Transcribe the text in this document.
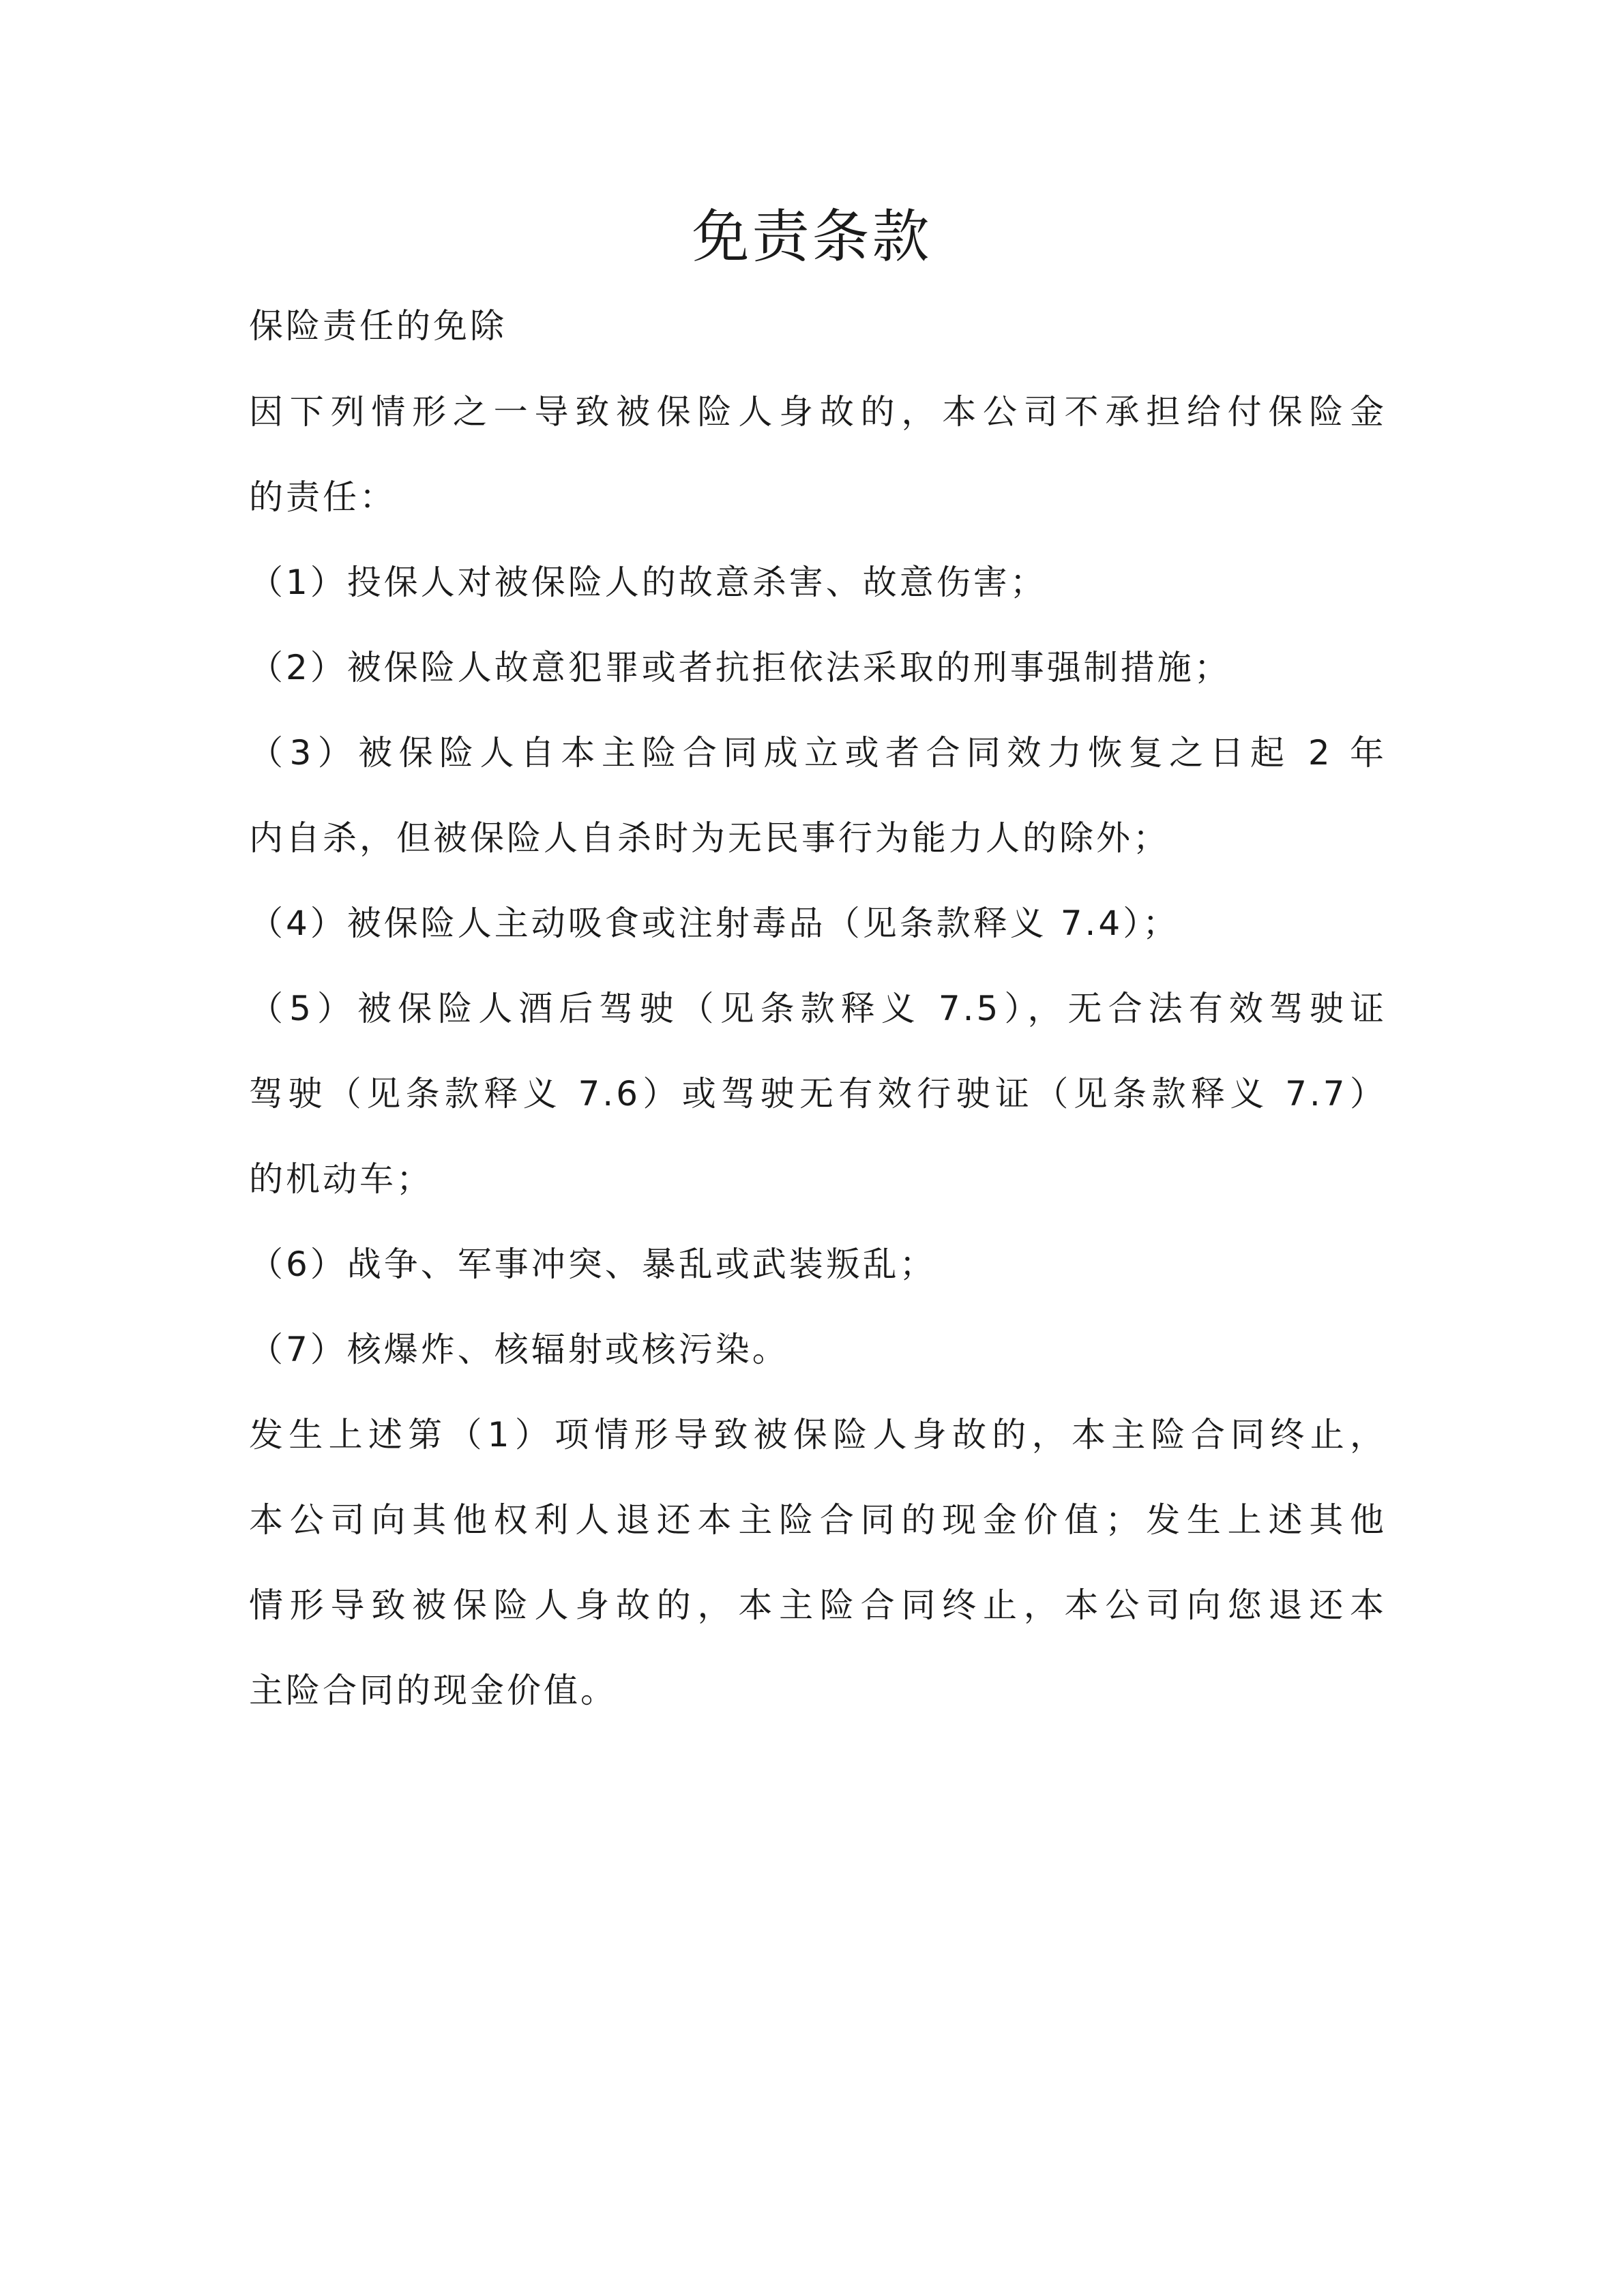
免责条款
保险责任的免除
因下列情形之一导致被保险人身故的，本公司不承担给付保险金
的责任：
（1）投保人对被保险人的故意杀害、故意伤害；
（2）被保险人故意犯罪或者抗拒依法采取的刑事强制措施；
（3）被保险人自本主险合同成立或者合同效力恢复之日起 2 年
内自杀，但被保险人自杀时为无民事行为能力人的除外；
（4）被保险人主动吸食或注射毒品（见条款释义 7.4）；
（5）被保险人酒后驾驶（见条款释义 7.5），无合法有效驾驶证
驾驶（见条款释义 7.6）或驾驶无有效行驶证（见条款释义 7.7）
的机动车；
（6）战争、军事冲突、暴乱或武装叛乱；
（7）核爆炸、核辐射或核污染。
发生上述第（1）项情形导致被保险人身故的，本主险合同终止，
本公司向其他权利人退还本主险合同的现金价值；发生上述其他
情形导致被保险人身故的，本主险合同终止，本公司向您退还本
主险合同的现金价值。
